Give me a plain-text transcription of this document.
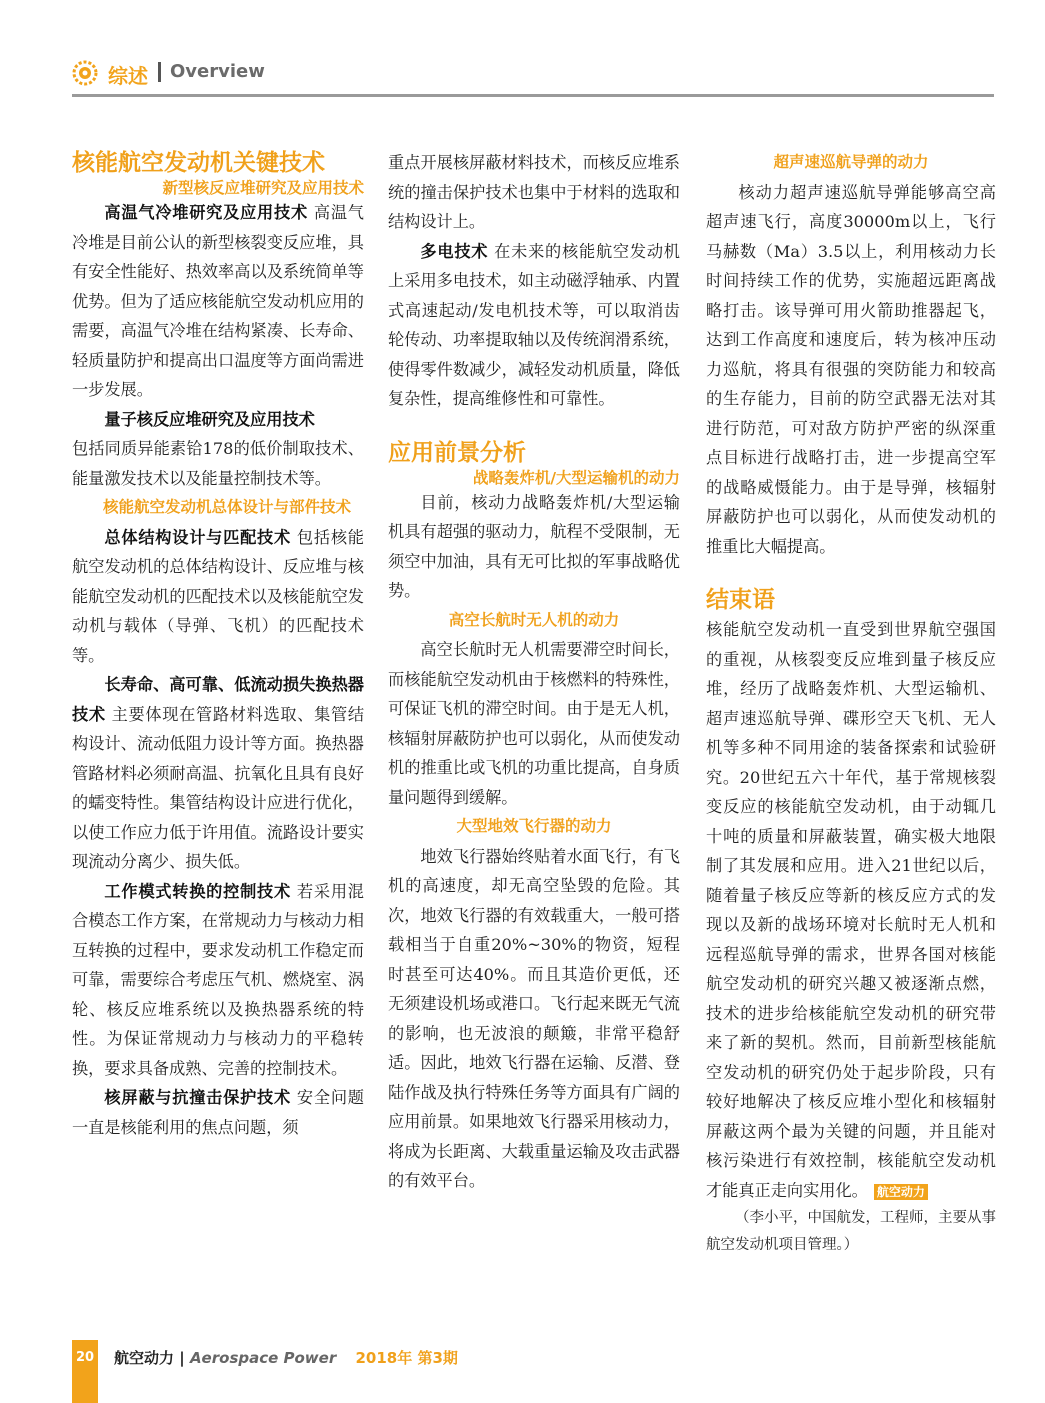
综述 Overview
核能航空发动机关键技术
新型核反应堆研究及应用技术

高温气冷堆研究及应用技术 高温气冷堆是目前公认的新型核裂变反应堆，具有安全性能好、热效率高以及系统简单等优势。但为了适应核能航空发动机应用的需要，高温气冷堆在结构紧凑、长寿命、轻质量防护和提高出口温度等方面尚需进一步发展。

量子核反应堆研究及应用技术

包括同质异能素铪178的低价制取技术、能量激发技术以及能量控制技术等。

核能航空发动机总体设计与部件技术

总体结构设计与匹配技术 包括核能航空发动机的总体结构设计、反应堆与核能航空发动机的匹配技术以及核能航空发动机与载体（导弹、飞机）的匹配技术等。

长寿命、高可靠、低流动损失换热器技术 主要体现在管路材料选取、集管结构设计、流动低阻力设计等方面。换热器管路材料必须耐高温、抗氧化且具有良好的蠕变特性。集管结构设计应进行优化，以使工作应力低于许用值。流路设计要实现流动分离少、损失低。

工作模式转换的控制技术 若采用混合模态工作方案，在常规动力与核动力相互转换的过程中，要求发动机工作稳定而可靠，需要综合考虑压气机、燃烧室、涡轮、核反应堆系统以及换热器系统的特性。为保证常规动力与核动力的平稳转换，要求具备成熟、完善的控制技术。

核屏蔽与抗撞击保护技术 安全问题一直是核能利用的焦点问题，须

重点开展核屏蔽材料技术，而核反应堆系统的撞击保护技术也集中于材料的选取和结构设计上。

多电技术 在未来的核能航空发动机上采用多电技术，如主动磁浮轴承、内置式高速起动/发电机技术等，可以取消齿轮传动、功率提取轴以及传统润滑系统，使得零件数减少，减轻发动机质量，降低复杂性，提高维修性和可靠性。

应用前景分析
战略轰炸机/大型运输机的动力

目前，核动力战略轰炸机/大型运输机具有超强的驱动力，航程不受限制，无须空中加油，具有无可比拟的军事战略优势。

高空长航时无人机的动力

高空长航时无人机需要滞空时间长，而核能航空发动机由于核燃料的特殊性，可保证飞机的滞空时间。由于是无人机，核辐射屏蔽防护也可以弱化，从而使发动机的推重比或飞机的功重比提高，自身质量问题得到缓解。

大型地效飞行器的动力

地效飞行器始终贴着水面飞行，有飞机的高速度，却无高空坠毁的危险。其次，地效飞行器的有效载重大，一般可搭载相当于自重20%~30%的物资，短程时甚至可达40%。而且其造价更低，还无须建设机场或港口。飞行起来既无气流的影响，也无波浪的颠簸，非常平稳舒适。因此，地效飞行器在运输、反潜、登陆作战及执行特殊任务等方面具有广阔的应用前景。如果地效飞行器采用核动力，将成为长距离、大载重量运输及攻击武器的有效平台。

超声速巡航导弹的动力

核动力超声速巡航导弹能够高空高超声速飞行，高度30000m以上，飞行马赫数（Ma）3.5以上，利用核动力长时间持续工作的优势，实施超远距离战略打击。该导弹可用火箭助推器起飞，达到工作高度和速度后，转为核冲压动力巡航，将具有很强的突防能力和较高的生存能力，目前的防空武器无法对其进行防范，可对敌方防护严密的纵深重点目标进行战略打击，进一步提高空军的战略威慑能力。由于是导弹，核辐射屏蔽防护也可以弱化，从而使发动机的推重比大幅提高。

结束语

核能航空发动机一直受到世界航空强国的重视，从核裂变反应堆到量子核反应堆，经历了战略轰炸机、大型运输机、超声速巡航导弹、碟形空天飞机、无人机等多种不同用途的装备探索和试验研究。20世纪五六十年代，基于常规核裂变反应的核能航空发动机，由于动辄几十吨的质量和屏蔽装置，确实极大地限制了其发展和应用。进入21世纪以后，随着量子核反应等新的核反应方式的发现以及新的战场环境对长航时无人机和远程巡航导弹的需求，世界各国对核能航空发动机的研究兴趣又被逐渐点燃，技术的进步给核能航空发动机的研究带来了新的契机。然而，目前新型核能航空发动机的研究仍处于起步阶段，只有较好地解决了核反应堆小型化和核辐射屏蔽这两个最为关键的问题，并且能对核污染进行有效控制，核能航空发动机才能真正走向实用化。 航空动力

（李小平，中国航发，工程师，主要从事航空发动机项目管理。）

20 航空动力 | Aerospace Power 2018年 第3期
